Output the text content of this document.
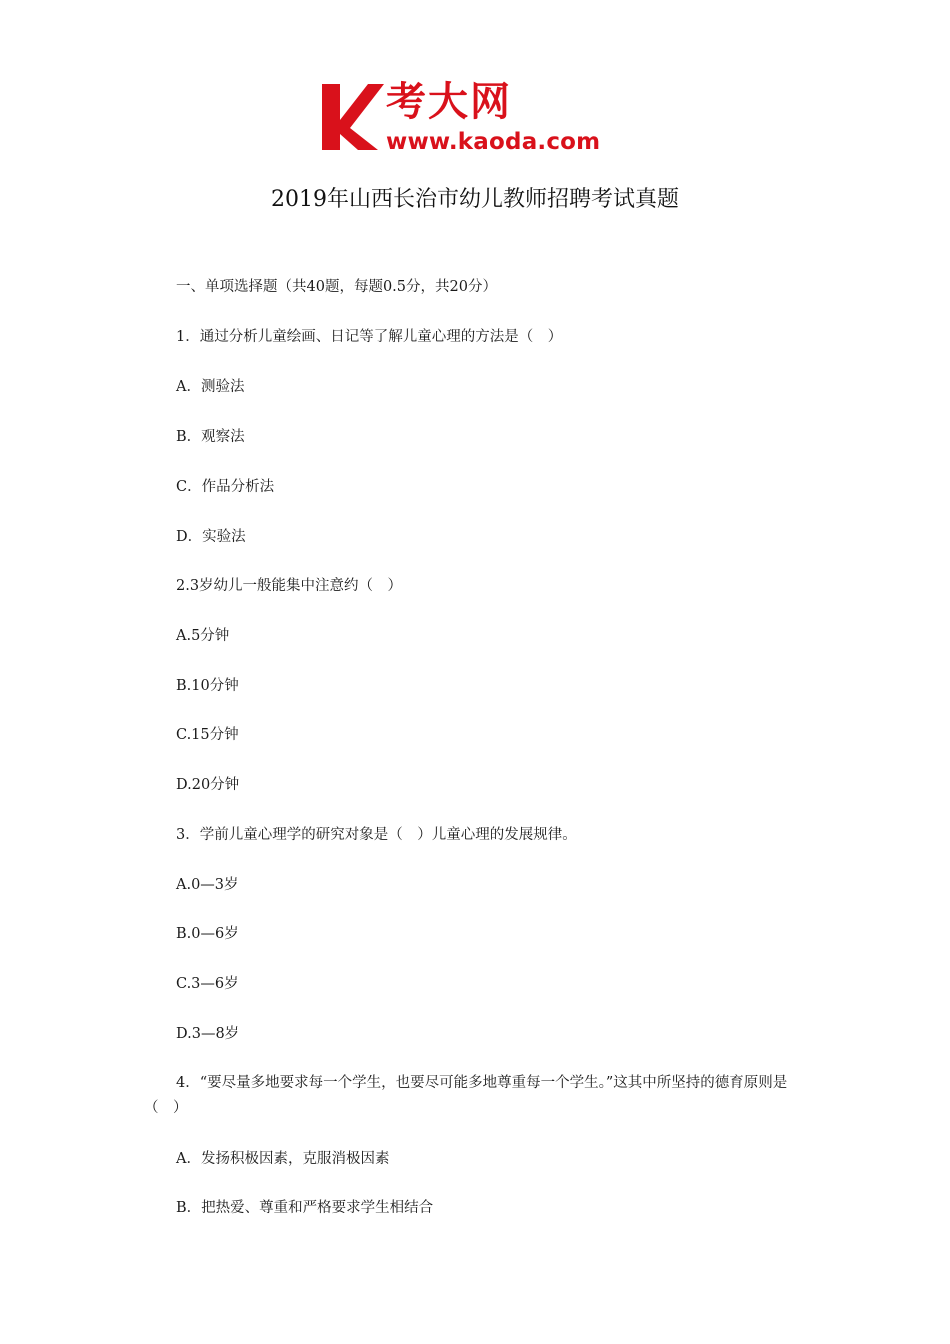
考大网
www.kaoda.com
2019年山西长治市幼儿教师招聘考试真题
一、单项选择题（共40题，每题0.5分，共20分）
1．通过分析儿童绘画、日记等了解儿童心理的方法是（　）
A．测验法
B．观察法
C．作品分析法
D．实验法
2.3岁幼儿一般能集中注意约（　）
A.5分钟
B.10分钟
C.15分钟
D.20分钟
3．学前儿童心理学的研究对象是（　）儿童心理的发展规律。
A.0—3岁
B.0—6岁
C.3—6岁
D.3—8岁
4．“要尽量多地要求每一个学生，也要尽可能多地尊重每一个学生。”这其中所坚持的德育原则是（　）
A．发扬积极因素，克服消极因素
B．把热爱、尊重和严格要求学生相结合
